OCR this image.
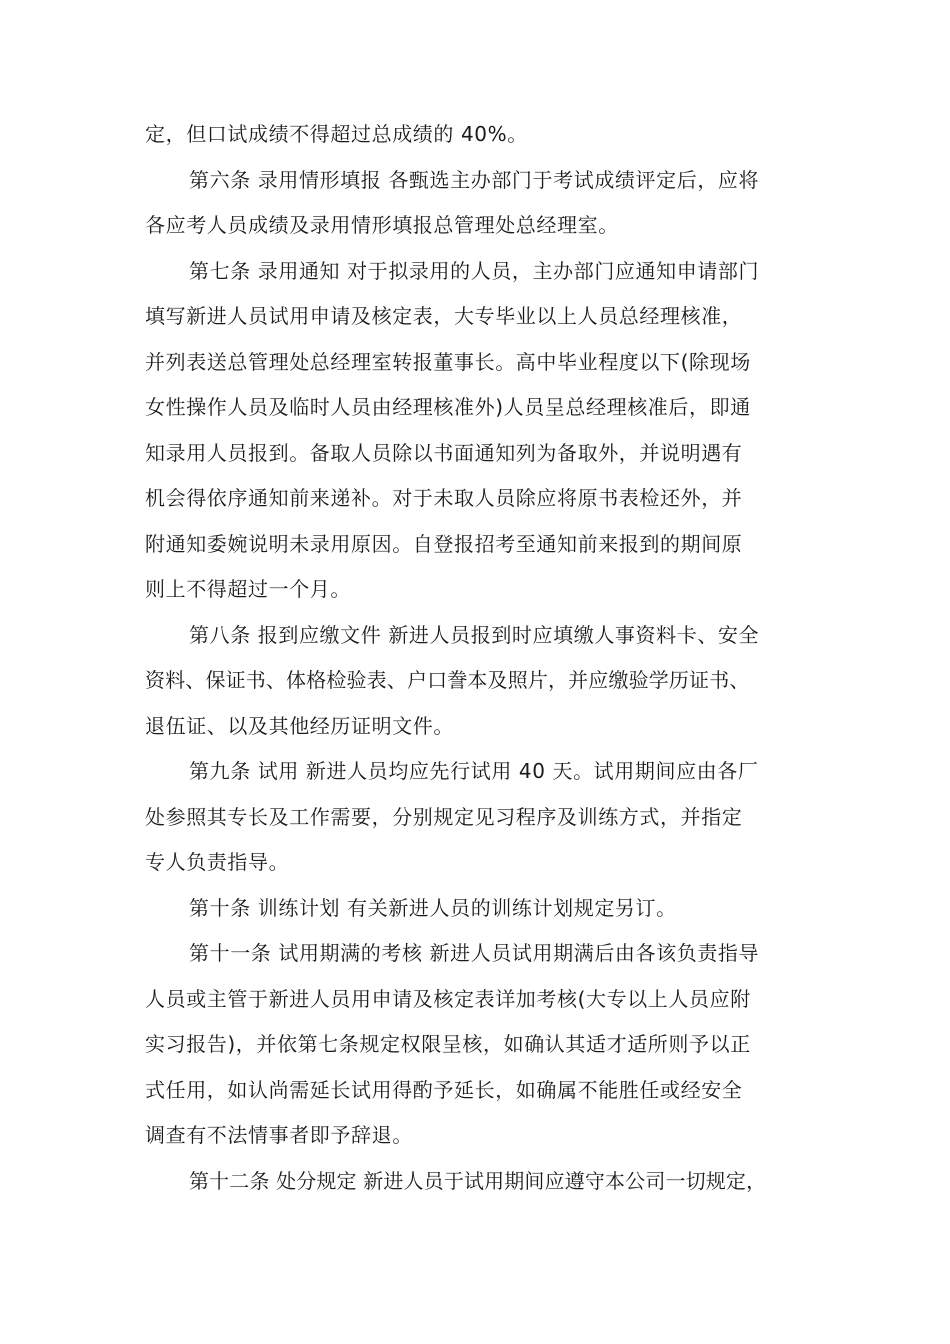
定，但口试成绩不得超过总成绩的 40%。
第六条 录用情形填报 各甄选主办部门于考试成绩评定后，应将
各应考人员成绩及录用情形填报总管理处总经理室。
第七条 录用通知 对于拟录用的人员，主办部门应通知申请部门
填写新进人员试用申请及核定表，大专毕业以上人员总经理核准，
并列表送总管理处总经理室转报董事长。高中毕业程度以下(除现场
女性操作人员及临时人员由经理核准外)人员呈总经理核准后，即通
知录用人员报到。备取人员除以书面通知列为备取外，并说明遇有
机会得依序通知前来递补。对于未取人员除应将原书表检还外，并
附通知委婉说明未录用原因。自登报招考至通知前来报到的期间原
则上不得超过一个月。
第八条 报到应缴文件 新进人员报到时应填缴人事资料卡、安全
资料、保证书、体格检验表、户口誊本及照片，并应缴验学历证书、
退伍证、以及其他经历证明文件。
第九条 试用 新进人员均应先行试用 40 天。试用期间应由各厂
处参照其专长及工作需要，分别规定见习程序及训练方式，并指定
专人负责指导。
第十条 训练计划 有关新进人员的训练计划规定另订。
第十一条 试用期满的考核 新进人员试用期满后由各该负责指导
人员或主管于新进人员用申请及核定表详加考核(大专以上人员应附
实习报告)，并依第七条规定权限呈核，如确认其适才适所则予以正
式任用，如认尚需延长试用得酌予延长，如确属不能胜任或经安全
调查有不法情事者即予辞退。
第十二条 处分规定 新进人员于试用期间应遵守本公司一切规定，
